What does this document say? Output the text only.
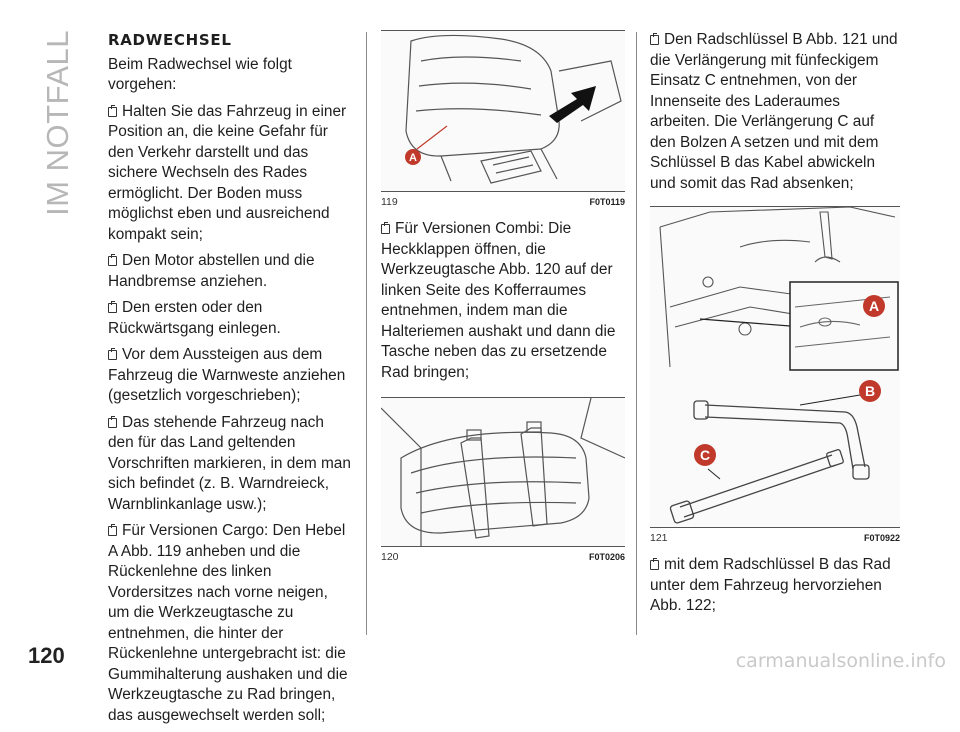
IM NOTFALL
120
RADWECHSEL

Beim Radwechsel wie folgt vorgehen:

Halten Sie das Fahrzeug in einer Position an, die keine Gefahr für den Verkehr darstellt und das sichere Wechseln des Rades ermöglicht. Der Boden muss möglichst eben und ausreichend kompakt sein;

Den Motor abstellen und die Handbremse anziehen.

Den ersten oder den Rückwärtsgang einlegen.

Vor dem Aussteigen aus dem Fahrzeug die Warnweste anziehen (gesetzlich vorgeschrieben);

Das stehende Fahrzeug nach den für das Land geltenden Vorschriften markieren, in dem man sich befindet (z. B. Warndreieck, Warnblinkanlage usw.);

Für Versionen Cargo: Den Hebel A Abb. 119 anheben und die Rückenlehne des linken Vordersitzes nach vorne neigen, um die Werkzeugtasche zu entnehmen, die hinter der Rückenlehne untergebracht ist: die Gummihalterung aushaken und die Werkzeugtasche zu Rad bringen, das ausgewechselt werden soll;

A
119	F0T0119

Für Versionen Combi: Die Heckklappen öffnen, die Werkzeugtasche Abb. 120 auf der linken Seite des Kofferraumes entnehmen, indem man die Halteriemen aushakt und dann die Tasche neben das zu ersetzende Rad bringen;

120	F0T0206

Den Radschlüssel B Abb. 121 und die Verlängerung mit fünfeckigem Einsatz C entnehmen, von der Innenseite des Laderaumes arbeiten. Die Verlängerung C auf den Bolzen A setzen und mit dem Schlüssel B das Kabel abwickeln und somit das Rad absenken;

A
B
C
121	F0T0922

mit dem Radschlüssel B das Rad unter dem Fahrzeug hervorziehen Abb. 122;

carmanualsonline.info
